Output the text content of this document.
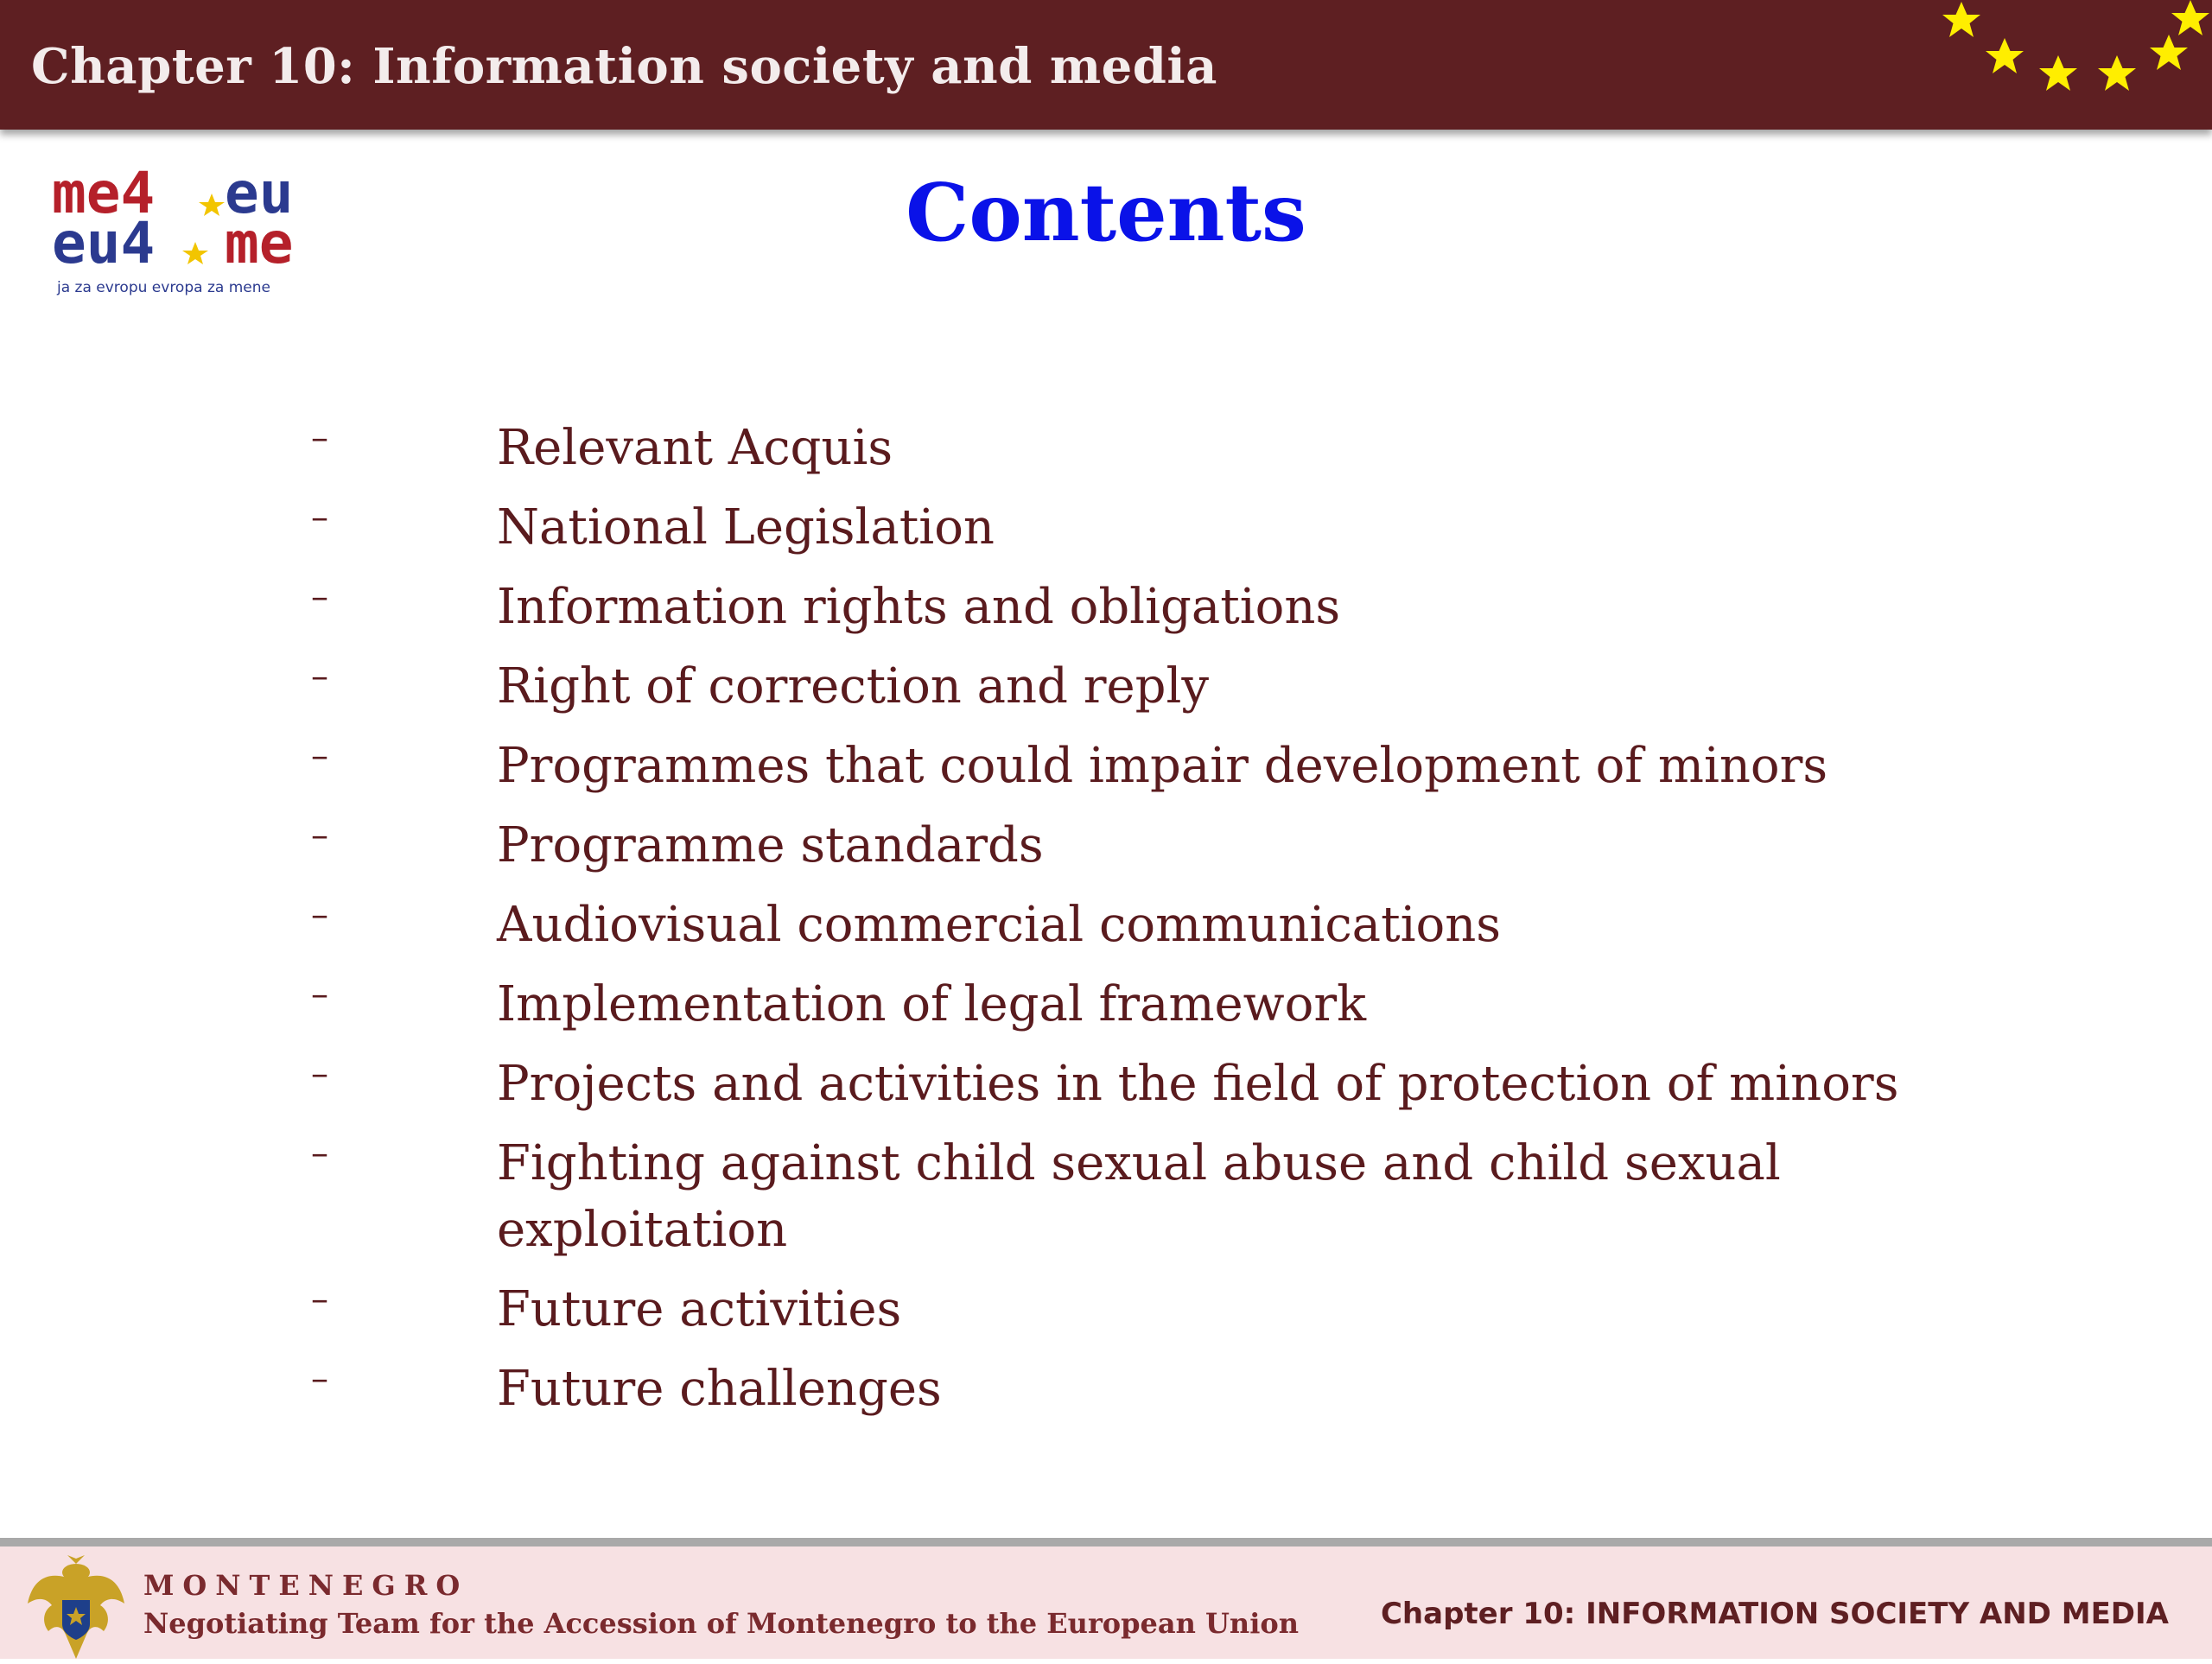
Chapter 10: Information society and media
me4 eu
eu4 me
ja za evropu evropa za mene
Contents
–	Relevant Acquis
–	National Legislation
–	Information rights and obligations
–	Right of correction and reply
–	Programmes that could impair development of minors
–	Programme standards
–	Audiovisual commercial communications
–	Implementation of legal framework
–	Projects and activities in the field of protection of minors
–	Fighting against child sexual abuse and child sexual exploitation
–	Future activities
–	Future challenges
MONTENEGRO
Negotiating Team for the Accession of Montenegro to the European Union	Chapter 10: INFORMATION SOCIETY AND MEDIA
